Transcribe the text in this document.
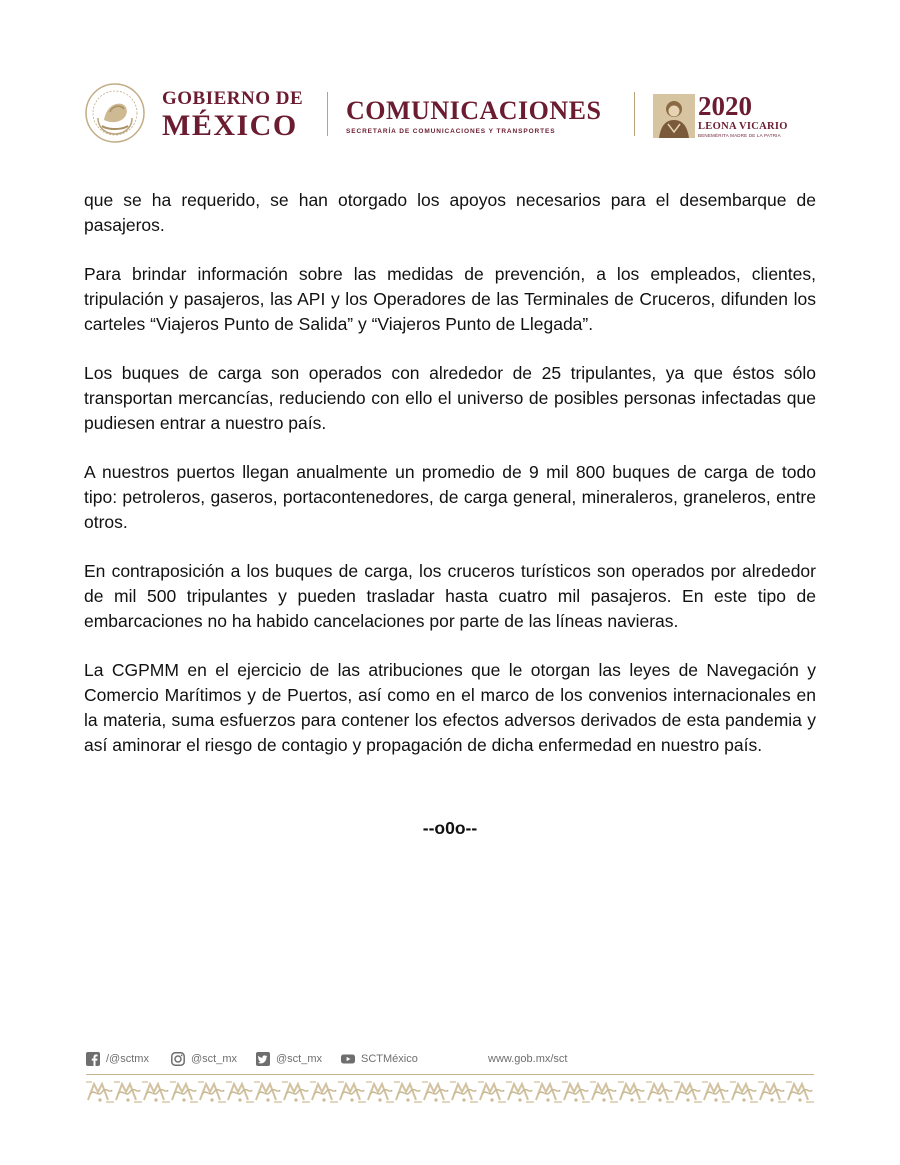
GOBIERNO DE
MÉXICO COMUNICACIONES
SECRETARÍA DE COMUNICACIONES Y TRANSPORTES
2020
LEONA VICARIO
BENEMÉRITA MADRE DE LA PATRIA

que se ha requerido, se han otorgado los apoyos necesarios para el desembarque de pasajeros.

Para brindar información sobre las medidas de prevención, a los empleados, clientes, tripulación y pasajeros, las API y los Operadores de las Terminales de Cruceros, difunden los carteles “Viajeros Punto de Salida” y “Viajeros Punto de Llegada”.

Los buques de carga son operados con alrededor de 25 tripulantes, ya que éstos sólo transportan mercancías, reduciendo con ello el universo de posibles personas infectadas que pudiesen entrar a nuestro país.

A nuestros puertos llegan anualmente un promedio de 9 mil 800 buques de carga de todo tipo: petroleros, gaseros, portacontenedores, de carga general, mineraleros, graneleros, entre otros.

En contraposición a los buques de carga, los cruceros turísticos son operados por alrededor de mil 500 tripulantes y pueden trasladar hasta cuatro mil pasajeros. En este tipo de embarcaciones no ha habido cancelaciones por parte de las líneas navieras.

La CGPMM en el ejercicio de las atribuciones que le otorgan las leyes de Navegación y Comercio Marítimos y de Puertos, así como en el marco de los convenios internacionales en la materia, suma esfuerzos para contener los efectos adversos derivados de esta pandemia y así aminorar el riesgo de contagio y propagación de dicha enfermedad en nuestro país.

--o0o--
/@sctmx	@sct_mx	@sct_mx	SCTMéxico	www.gob.mx/sct
